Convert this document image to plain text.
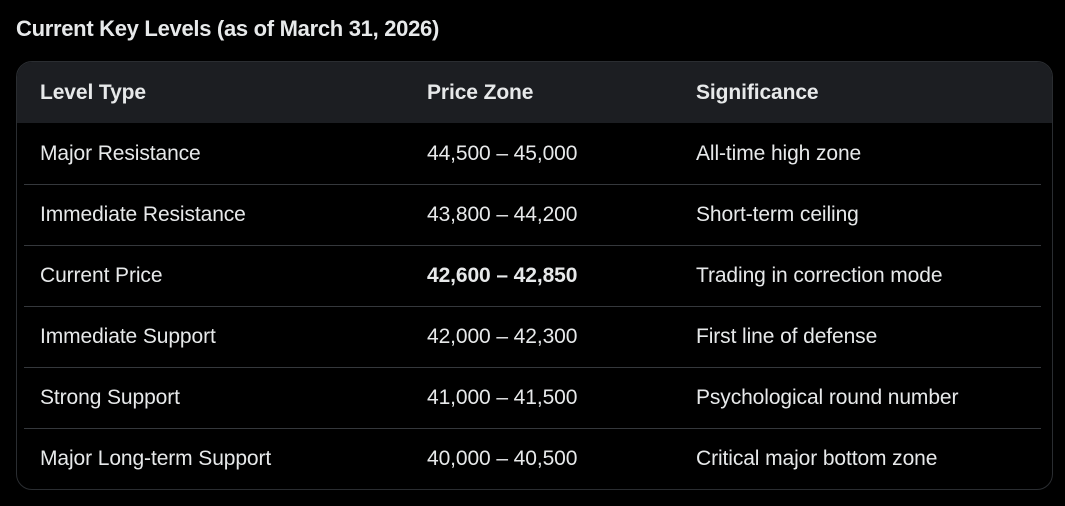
Current Key Levels (as of March 31, 2026)
Level Type	Price Zone	Significance
Major Resistance	44,500 – 45,000	All-time high zone
Immediate Resistance	43,800 – 44,200	Short-term ceiling
Current Price	42,600 – 42,850	Trading in correction mode
Immediate Support	42,000 – 42,300	First line of defense
Strong Support	41,000 – 41,500	Psychological round number
Major Long-term Support	40,000 – 40,500	Critical major bottom zone
